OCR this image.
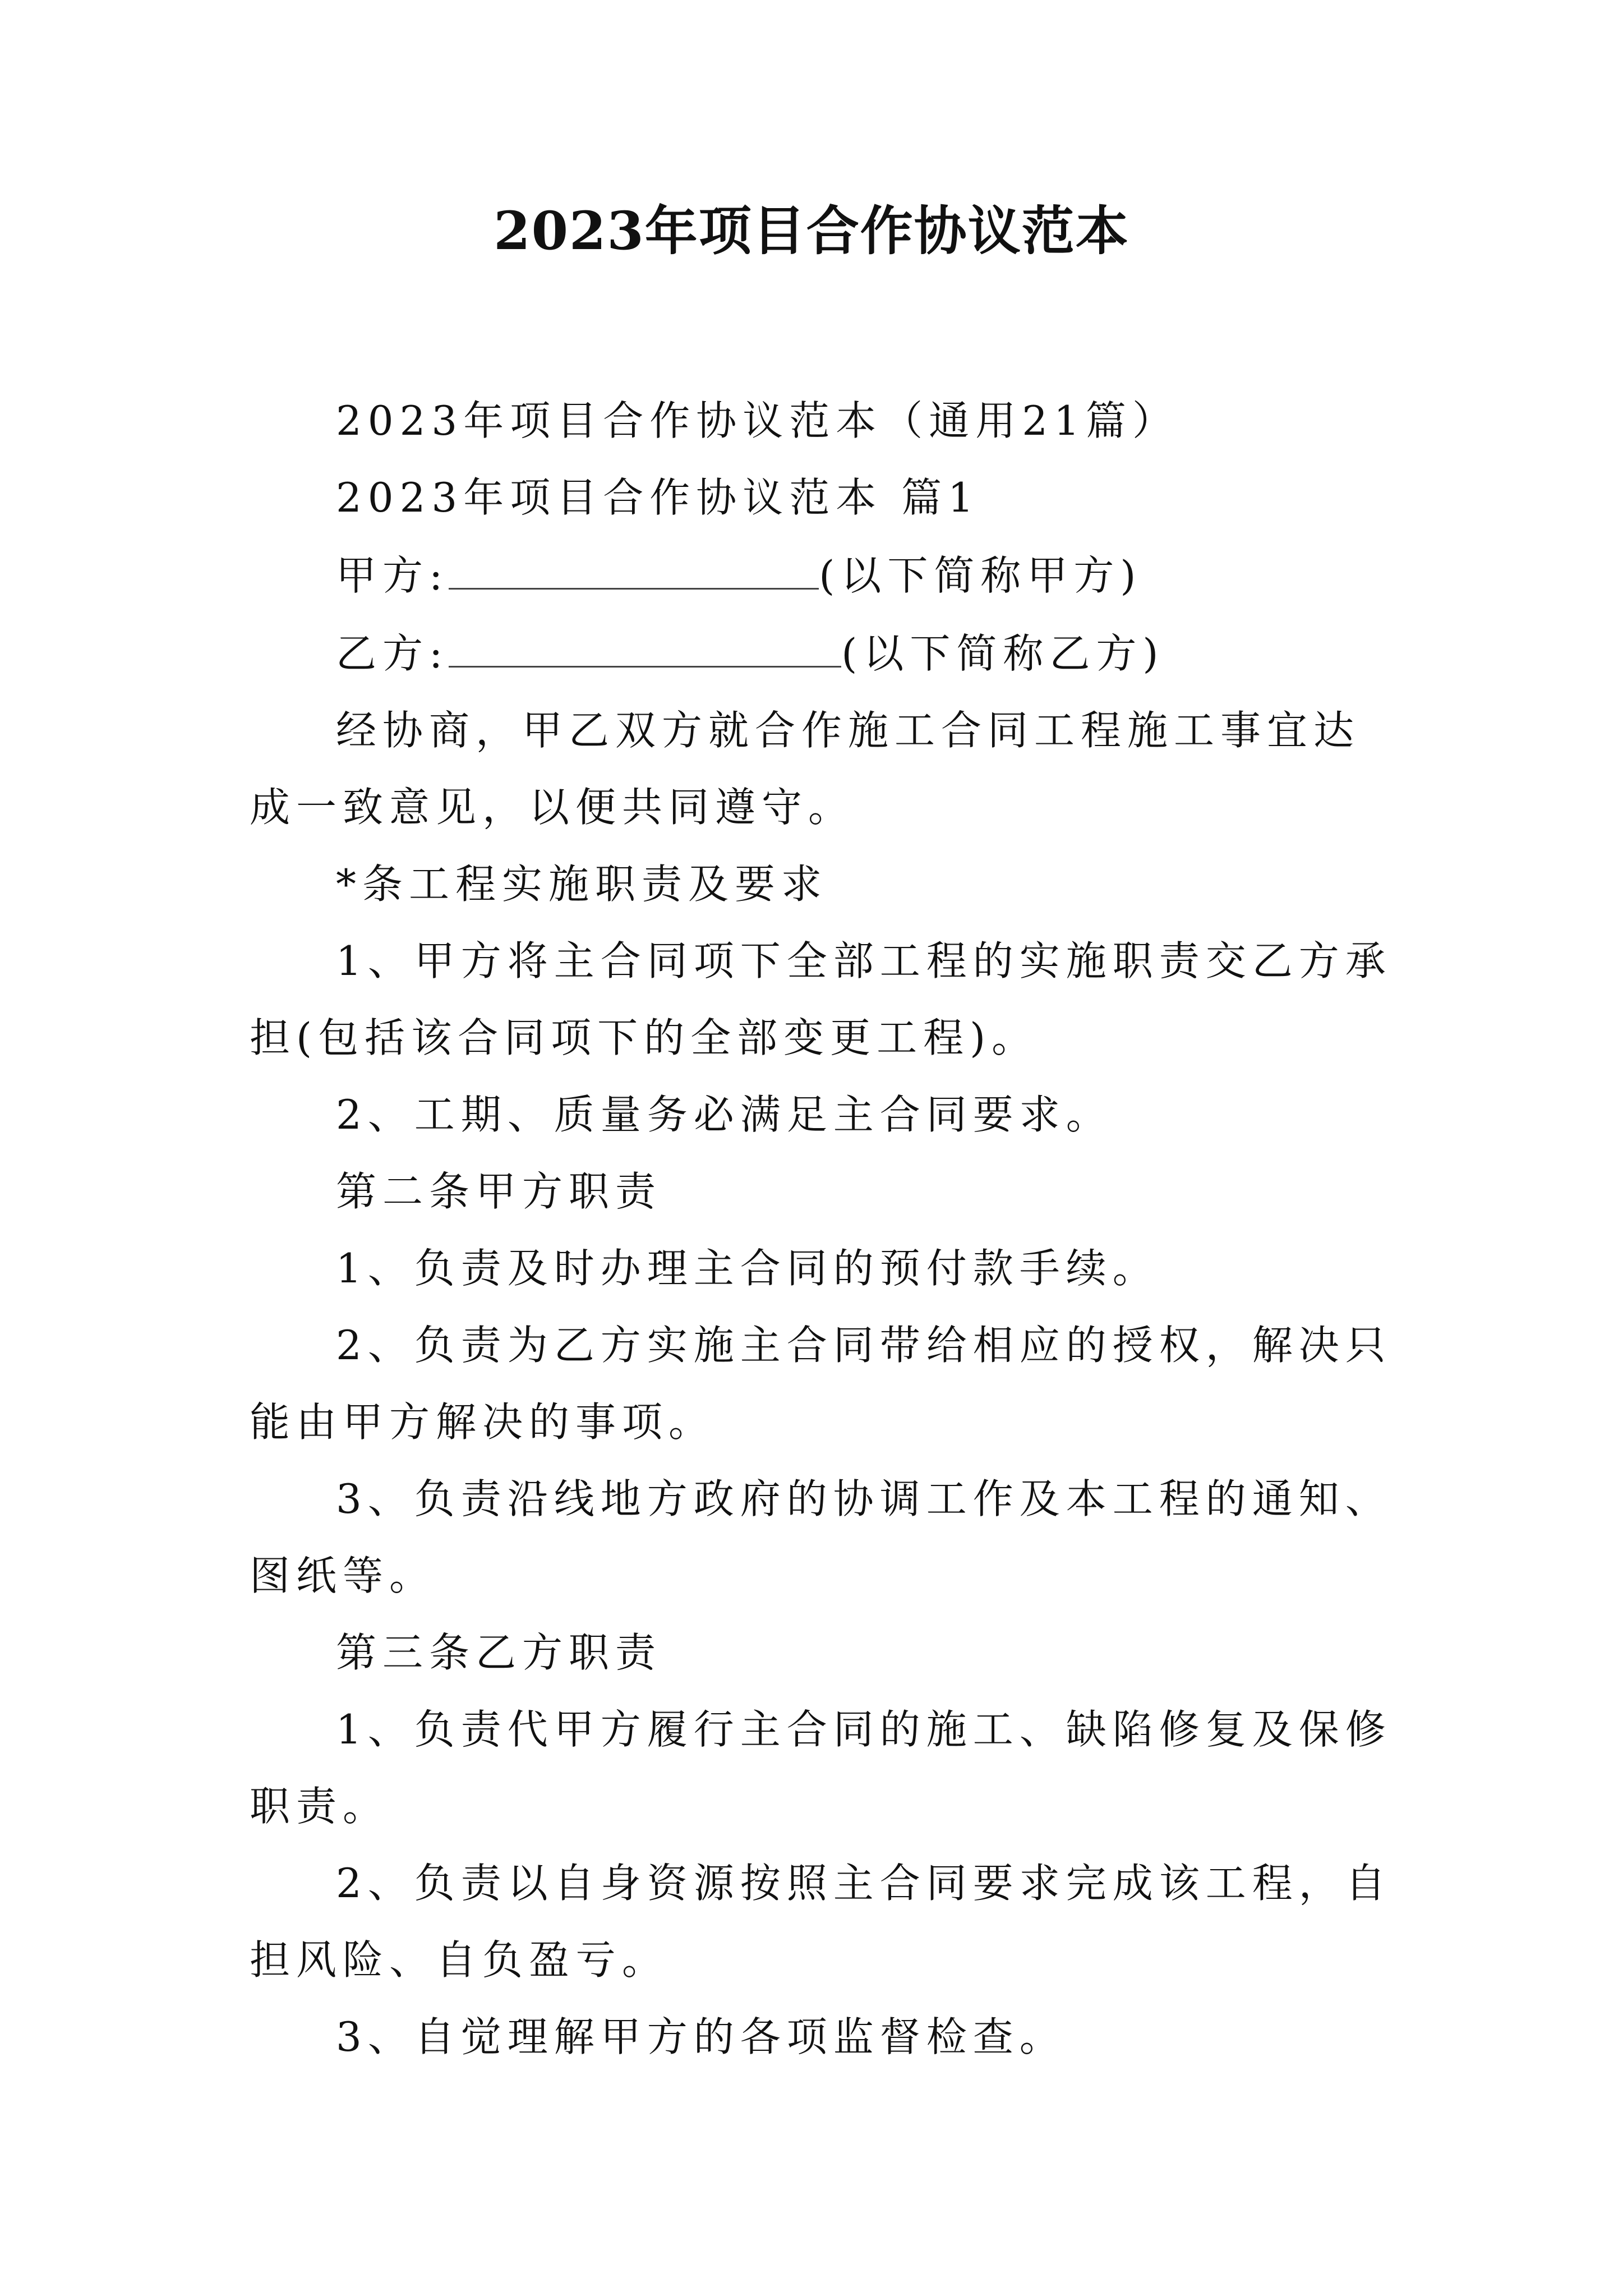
2023年项目合作协议范本

2023年项目合作协议范本（通用21篇）

2023年项目合作协议范本 篇1

甲方:	(以下简称甲方)

乙方:	(以下简称乙方)

经协商，甲乙双方就合作施工合同工程施工事宜达成一致意见，以便共同遵守。

*条工程实施职责及要求

1、甲方将主合同项下全部工程的实施职责交乙方承担(包括该合同项下的全部变更工程)。

2、工期、质量务必满足主合同要求。

第二条甲方职责

1、负责及时办理主合同的预付款手续。

2、负责为乙方实施主合同带给相应的授权，解决只能由甲方解决的事项。

3、负责沿线地方政府的协调工作及本工程的通知、图纸等。

第三条乙方职责

1、负责代甲方履行主合同的施工、缺陷修复及保修职责。

2、负责以自身资源按照主合同要求完成该工程，自担风险、自负盈亏。

3、自觉理解甲方的各项监督检查。
